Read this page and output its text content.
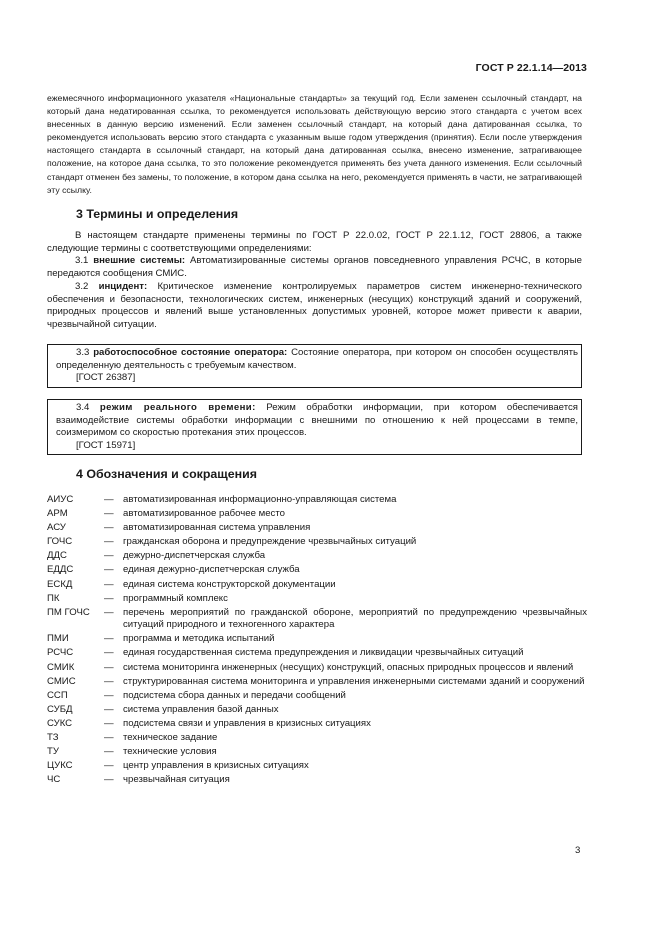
ГОСТ Р 22.1.14—2013

ежемесячного информационного указателя «Национальные стандарты» за текущий год. Если заменен ссылочный стандарт, на который дана недатированная ссылка, то рекомендуется использовать действующую версию этого стандарта с учетом всех внесенных в данную версию изменений. Если заменен ссылочный стандарт, на который дана датированная ссылка, то рекомендуется использовать версию этого стандарта с указанным выше годом утверждения (принятия). Если после утверждения настоящего стандарта в ссылочный стандарт, на который дана датированная ссылка, внесено изменение, затрагивающее положение, на которое дана ссылка, то это положение рекомендуется применять без учета данного изменения. Если ссылочный стандарт отменен без замены, то положение, в котором дана ссылка на него, рекомендуется применять в части, не затрагивающей эту ссылку.

3 Термины и определения

В настоящем стандарте применены термины по ГОСТ Р 22.0.02, ГОСТ Р 22.1.12, ГОСТ 28806, а также следующие термины с соответствующими определениями:

3.1 внешние системы: Автоматизированные системы органов повседневного управления РСЧС, в которые передаются сообщения СМИС.

3.2 инцидент: Критическое изменение контролируемых параметров систем инженерно-технического обеспечения и безопасности, технологических систем, инженерных (несущих) конструкций зданий и сооружений, природных процессов и явлений выше установленных допустимых уровней, которое может привести к аварии, чрезвычайной ситуации.

3.3 работоспособное состояние оператора: Состояние оператора, при котором он способен осуществлять определенную деятельность с требуемым качеством.

[ГОСТ 26387]

3.4 режим реального времени: Режим обработки информации, при котором обеспечивается взаимодействие системы обработки информации с внешними по отношению к ней процессами в темпе, соизмеримом со скоростью протекания этих процессов.

[ГОСТ 15971]

4 Обозначения и сокращения
АИУС	— автоматизированная информационно-управляющая система
АРМ	— автоматизированное рабочее место
АСУ	— автоматизированная система управления
ГОЧС	— гражданская оборона и предупреждение чрезвычайных ситуаций
ДДС	— дежурно-диспетчерская служба
ЕДДС	— единая дежурно-диспетчерская служба
ЕСКД	— единая система конструкторской документации
ПК	— программный комплекс
ПМ ГОЧС	— перечень мероприятий по гражданской обороне, мероприятий по предупреждению чрезвычайных ситуаций природного и техногенного характера
ПМИ	— программа и методика испытаний
РСЧС	— единая государственная система предупреждения и ликвидации чрезвычайных ситуаций
СМИК	— система мониторинга инженерных (несущих) конструкций, опасных природных процессов и явлений
СМИС	— структурированная система мониторинга и управления инженерными системами зданий и сооружений
ССП	— подсистема сбора данных и передачи сообщений
СУБД	— система управления базой данных
СУКС	— подсистема связи и управления в кризисных ситуациях
ТЗ	— техническое задание
ТУ	— технические условия
ЦУКС	— центр управления в кризисных ситуациях
ЧС	— чрезвычайная ситуация
3
